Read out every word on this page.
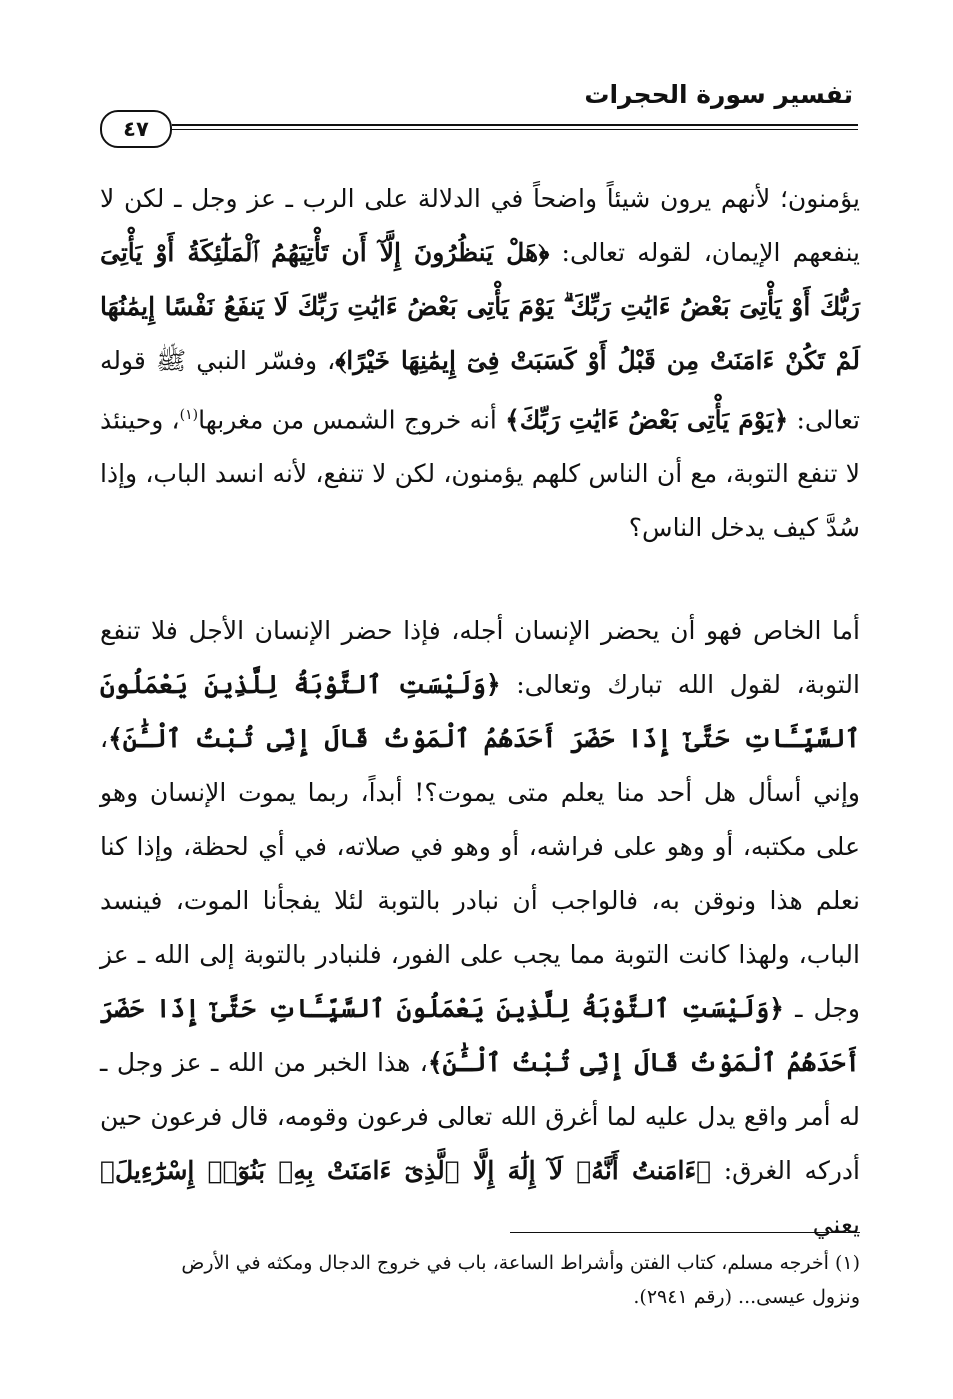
تفسير سورة الحجرات
٤٧
يؤمنون؛ لأنهم يرون شيئاً واضحاً في الدلالة على الرب ـ عز وجل ـ لكن لا ينفعهم الإيمان، لقوله تعالى: ﴿هَلْ يَنظُرُونَ إِلَّآ أَن تَأْتِيَهُمُ ٱلْمَلَٰٓئِكَةُ أَوْ يَأْتِىَ رَبُّكَ أَوْ يَأْتِىَ بَعْضُ ءَايَٰتِ رَبِّكَ ۗ يَوْمَ يَأْتِى بَعْضُ ءَايَٰتِ رَبِّكَ لَا يَنفَعُ نَفْسًا إِيمَٰنُهَا لَمْ تَكُنْ ءَامَنَتْ مِن قَبْلُ أَوْ كَسَبَتْ فِىٓ إِيمَٰنِهَا خَيْرًا﴾، وفسّر النبي ﷺ قوله تعالى: ﴿يَوْمَ يَأْتِى بَعْضُ ءَايَٰتِ رَبِّكَ﴾ أنه خروج الشمس من مغربها$^{(١)}$، وحينئذ لا تنفع التوبة، مع أن الناس كلهم يؤمنون، لكن لا تنفع، لأنه انسد الباب، وإذا سُدَّ كيف يدخل الناس؟
أما الخاص فهو أن يحضر الإنسان أجله، فإذا حضر الإنسان الأجل فلا تنفع التوبة، لقول الله تبارك وتعالى: ﴿وَلَيْسَتِ ٱلتَّوْبَةُ لِلَّذِينَ يَعْمَلُونَ ٱلسَّيِّـَٔاتِ حَتَّىٰٓ إِذَا حَضَرَ أَحَدَهُمُ ٱلْمَوْتُ قَالَ إِنِّى تُبْتُ ٱلْـَٰٔنَ﴾، وإني أسأل هل أحد منا يعلم متى يموت؟! أبداً، ربما يموت الإنسان وهو على مكتبه، أو وهو على فراشه، أو وهو في صلاته، في أي لحظة، وإذا كنا نعلم هذا ونوقن به، فالواجب أن نبادر بالتوبة لئلا يفجأنا الموت، فينسد الباب، ولهذا كانت التوبة مما يجب على الفور، فلنبادر بالتوبة إلى الله ـ عز وجل ـ ﴿وَلَيْسَتِ ٱلتَّوْبَةُ لِلَّذِينَ يَعْمَلُونَ ٱلسَّيِّـَٔاتِ حَتَّىٰٓ إِذَا حَضَرَ أَحَدَهُمُ ٱلْمَوْتُ قَالَ إِنِّى تُبْتُ ٱلْـَٰٔنَ﴾، هذا الخبر من الله ـ عز وجل ـ له أمر واقع يدل عليه لما أغرق الله تعالى فرعون وقومه، قال فرعون حين أدركه الغرق: ﴿ءَامَنتُ أَنَّهُۥ لَآ إِلَٰهَ إِلَّا ٱلَّذِىٓ ءَامَنَتْ بِهِۦ بَنُوٓا۟ إِسْرَٰٓءِيلَ﴾ يعني
(١) أخرجه مسلم، كتاب الفتن وأشراط الساعة، باب في خروج الدجال ومكثه في الأرض
ونزول عيسى... (رقم ٢٩٤١).
